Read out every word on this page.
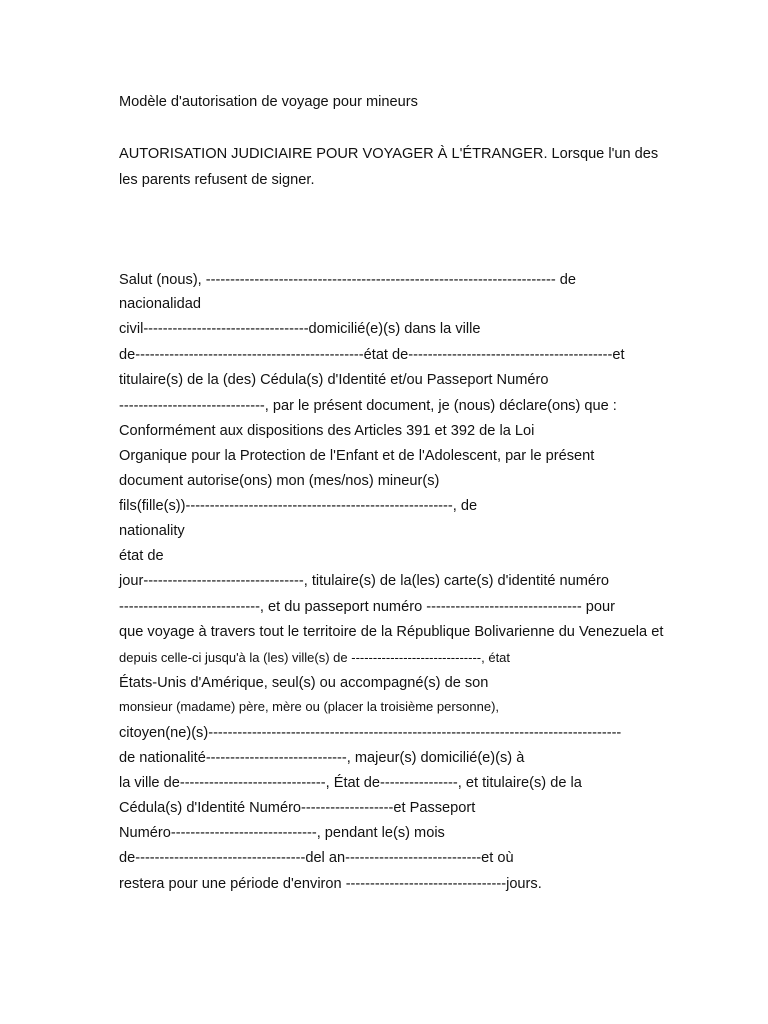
Modèle d'autorisation de voyage pour mineurs
AUTORISATION JUDICIAIRE POUR VOYAGER À L'ÉTRANGER. Lorsque l'un des
les parents refusent de signer.
Salut (nous), ------------------------------------------------------------------------ de
nacionalidad
civil----------------------------------domicilié(e)(s) dans la ville
de-----------------------------------------------état de------------------------------------------et
titulaire(s) de la (des) Cédula(s) d'Identité et/ou Passeport Numéro
------------------------------, par le présent document, je (nous) déclare(ons) que :
Conformément aux dispositions des Articles 391 et 392 de la Loi
Organique pour la Protection de l'Enfant et de l'Adolescent, par le présent
document autorise(ons) mon (mes/nos) mineur(s)
fils(fille(s))-------------------------------------------------------, de
nationality
état de
jour---------------------------------, titulaire(s) de la(les) carte(s) d'identité numéro
-----------------------------, et du passeport numéro -------------------------------- pour
que voyage à travers tout le territoire de la République Bolivarienne du Venezuela et
depuis celle-ci jusqu'à la (les) ville(s) de ------------------------------, état
États-Unis d'Amérique, seul(s) ou accompagné(s) de son
monsieur (madame) père, mère ou (placer la troisième personne),
citoyen(ne)(s)-------------------------------------------------------------------------------------
de nationalité-----------------------------, majeur(s) domicilié(e)(s) à
la ville de------------------------------, État de----------------, et titulaire(s) de la
Cédula(s) d'Identité Numéro-------------------et Passeport
Numéro------------------------------, pendant le(s) mois
de-----------------------------------del an----------------------------et où
restera pour une période d'environ ---------------------------------jours.
